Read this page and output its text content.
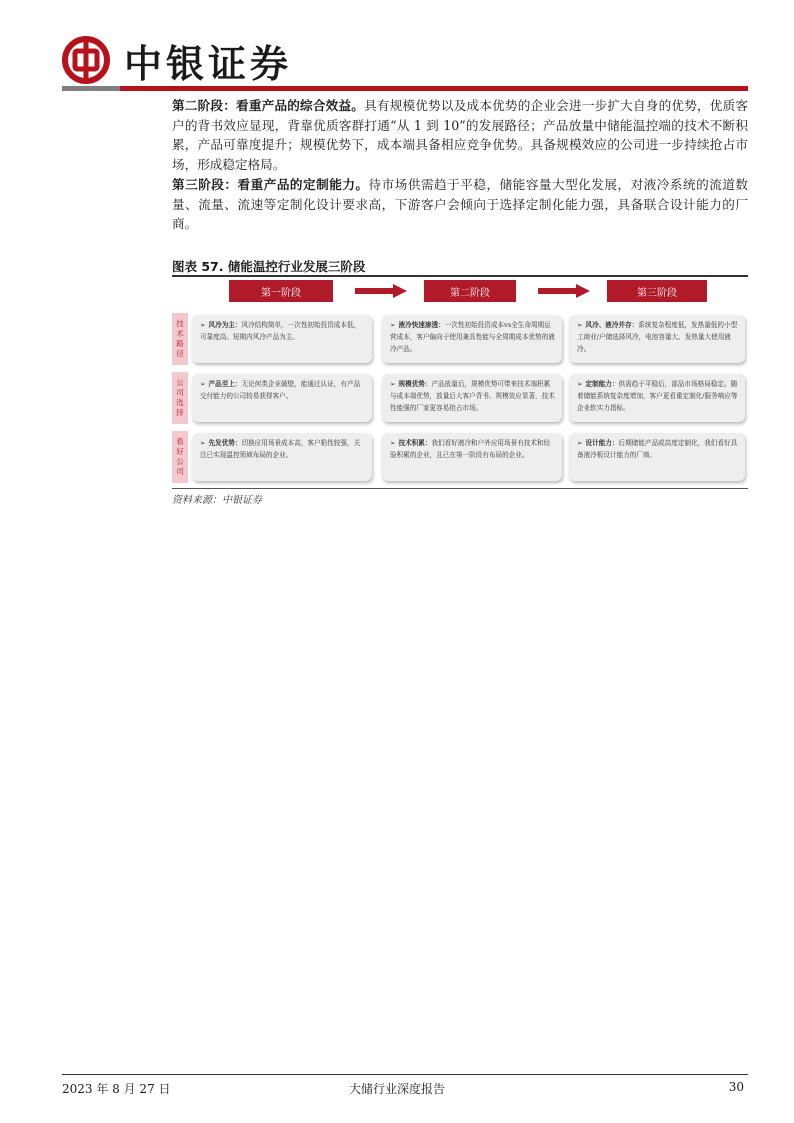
中银证券
第二阶段：看重产品的综合效益。具有规模优势以及成本优势的企业会进一步扩大自身的优势，优质客户的背书效应显现，背靠优质客群打通“从 1 到 10”的发展路径；产品放量中储能温控端的技术不断积累，产品可靠度提升；规模优势下，成本端具备相应竞争优势。具备规模效应的公司进一步持续抢占市场，形成稳定格局。
第三阶段：看重产品的定制能力。待市场供需趋于平稳，储能容量大型化发展，对液冷系统的流道数量、流量、流速等定制化设计要求高，下游客户会倾向于选择定制化能力强，具备联合设计能力的厂商。
图表 57. 储能温控行业发展三阶段
第一阶段	第二阶段	第三阶段
技术路径
➢ 风冷为主：风冷结构简单，一次性初始投资成本低，可靠度高。短期内风冷产品为主。
➢ 液冷快速渗透：一次性初始投资成本vs全生命周期运营成本，客户偏向于使用兼具性能与全周期成本优势的液冷产品。
➢ 风冷、液冷并存：系统复杂程度低，发热量低的小型工商业/户储选择风冷，电池容量大、发热量大使用液冷。
公司选择
➢ 产品至上：无论何类企业破壁，能通过认证，有产品交付能力的公司较易获得客户。
➢ 规模优势：产品放量后，规模优势可带来技术端积累与成本端优势，放量后大客户背书、规模效应显著，技术性能强的厂家更容易抢占市场。
➢ 定制能力：供需趋于平稳后，部品市场格局稳定。随着储能系统复杂度增加，客户更看重定制化/服务响应等企业软实力指标。
看好公司
➢ 先发优势：切换应用场景成本高，客户粘性较强，关注已实现温控领域布局的企业。
➢ 技术积累：我们看好液冷和户外应用场景有技术和经验积累的企业，且已在第一阶段有布局的企业。
➢ 设计能力：后期储能产品或高度定制化，我们看好具备液冷板设计能力的厂商。
资料来源：中银证券
2023 年 8 月 27 日	大储行业深度报告	30
